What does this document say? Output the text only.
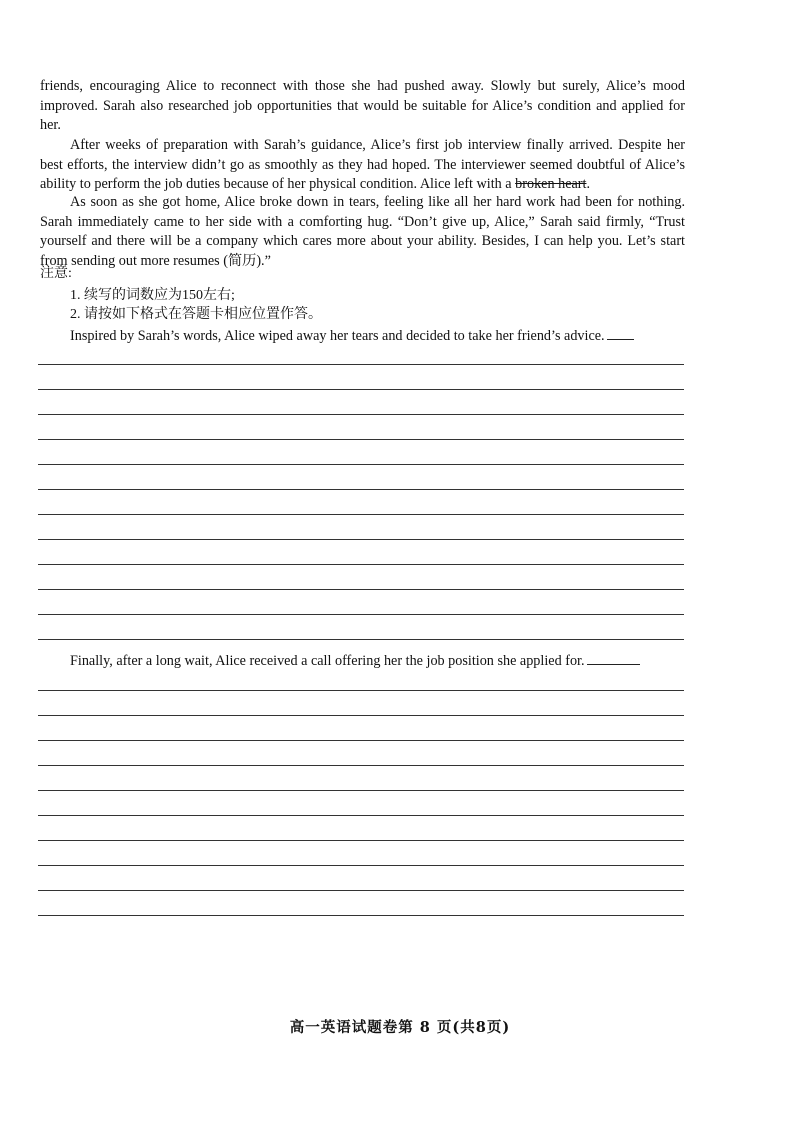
friends, encouraging Alice to reconnect with those she had pushed away. Slowly but surely, Alice’s mood improved. Sarah also researched job opportunities that would be suitable for Alice’s condition and applied for her.

After weeks of preparation with Sarah’s guidance, Alice’s first job interview finally arrived. Despite her best efforts, the interview didn’t go as smoothly as they had hoped. The interviewer seemed doubtful of Alice’s ability to perform the job duties because of her physical condition. Alice left with a broken heart.

As soon as she got home, Alice broke down in tears, feeling like all her hard work had been for nothing. Sarah immediately came to her side with a comforting hug. “Don’t give up, Alice,” Sarah said firmly, “Trust yourself and there will be a company which cares more about your ability. Besides, I can help you. Let’s start from sending out more resumes (简历).”

注意:
1. 续写的词数应为150左右;
2. 请按如下格式在答题卡相应位置作答。
Inspired by Sarah’s words, Alice wiped away her tears and decided to take her friend’s advice.
Finally, after a long wait, Alice received a call offering her the job position she applied for.
高一英语试题卷第 8 页(共8页)
